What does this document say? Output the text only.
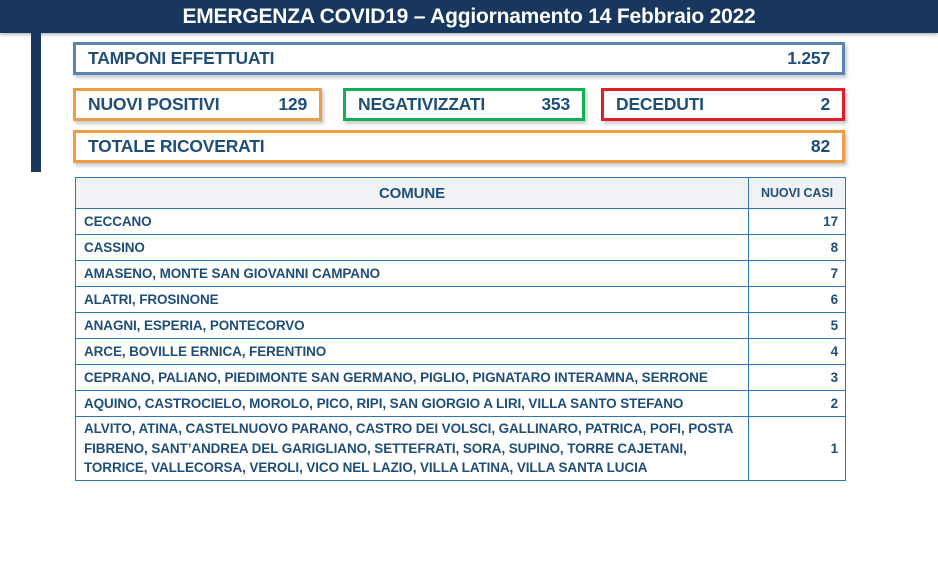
EMERGENZA COVID19 – Aggiornamento 14 Febbraio 2022
TAMPONI EFFETTUATI	1.257
NUOVI POSITIVI	129	NEGATIVIZZATI	353	DECEDUTI	2
TOTALE RICOVERATI	82
COMUNE	NUOVI CASI
CECCANO	17
CASSINO	8
AMASENO, MONTE SAN GIOVANNI CAMPANO	7
ALATRI, FROSINONE	6
ANAGNI, ESPERIA, PONTECORVO	5
ARCE, BOVILLE ERNICA, FERENTINO	4
CEPRANO, PALIANO, PIEDIMONTE SAN GERMANO, PIGLIO, PIGNATARO INTERAMNA, SERRONE	3
AQUINO, CASTROCIELO, MOROLO, PICO, RIPI, SAN GIORGIO A LIRI, VILLA SANTO STEFANO	2
ALVITO, ATINA, CASTELNUOVO PARANO, CASTRO DEI VOLSCI, GALLINARO, PATRICA, POFI, POSTA FIBRENO, SANT’ANDREA DEL GARIGLIANO, SETTEFRATI, SORA, SUPINO, TORRE CAJETANI, TORRICE, VALLECORSA, VEROLI, VICO NEL LAZIO, VILLA LATINA, VILLA SANTA LUCIA	1
